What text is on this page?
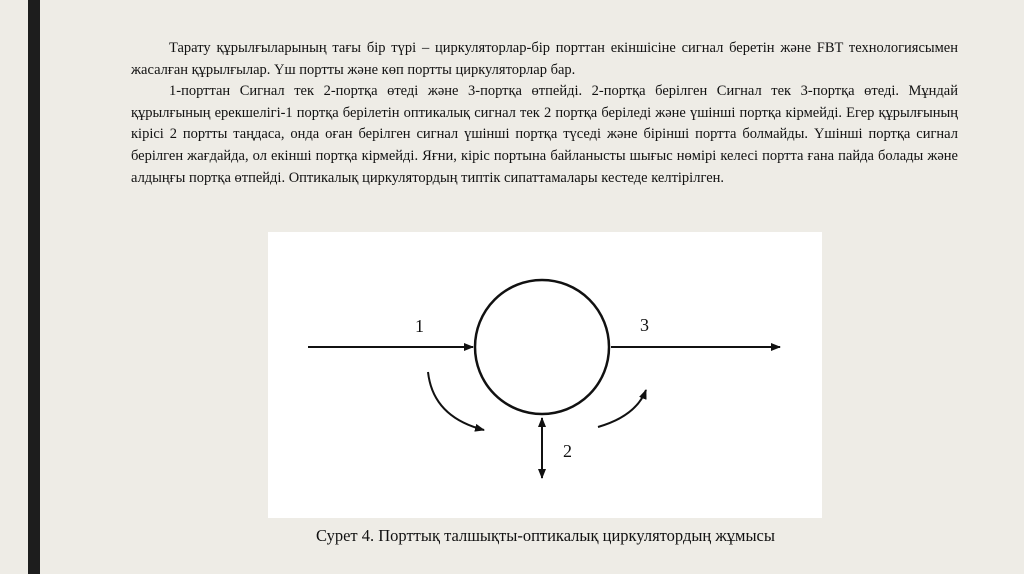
Тарату құрылғыларының тағы бір түрі – циркуляторлар-бір порттан екіншісіне сигнал беретін және FBT технологиясымен жасалған құрылғылар. Үш портты және көп портты циркуляторлар бар.

1-порттан Сигнал тек 2-портқа өтеді және 3-портқа өтпейді. 2-портқа берілген Сигнал тек 3-портқа өтеді. Мұндай құрылғының ерекшелігі-1 портқа берілетін оптикалық сигнал тек 2 портқа беріледі және үшінші портқа кірмейді. Егер құрылғының кірісі 2 портты таңдаса, онда оған берілген сигнал үшінші портқа түседі және бірінші портта болмайды. Үшінші портқа сигнал берілген жағдайда, ол екінші портқа кірмейді. Яғни, кіріс портына байланысты шығыс нөмірі келесі портта ғана пайда болады және алдыңғы портқа өтпейді. Оптикалық циркулятордың типтік сипаттамалары кестеде келтірілген.

1	3
2
Сурет 4. Порттық талшықты-оптикалық циркулятордың жұмысы
